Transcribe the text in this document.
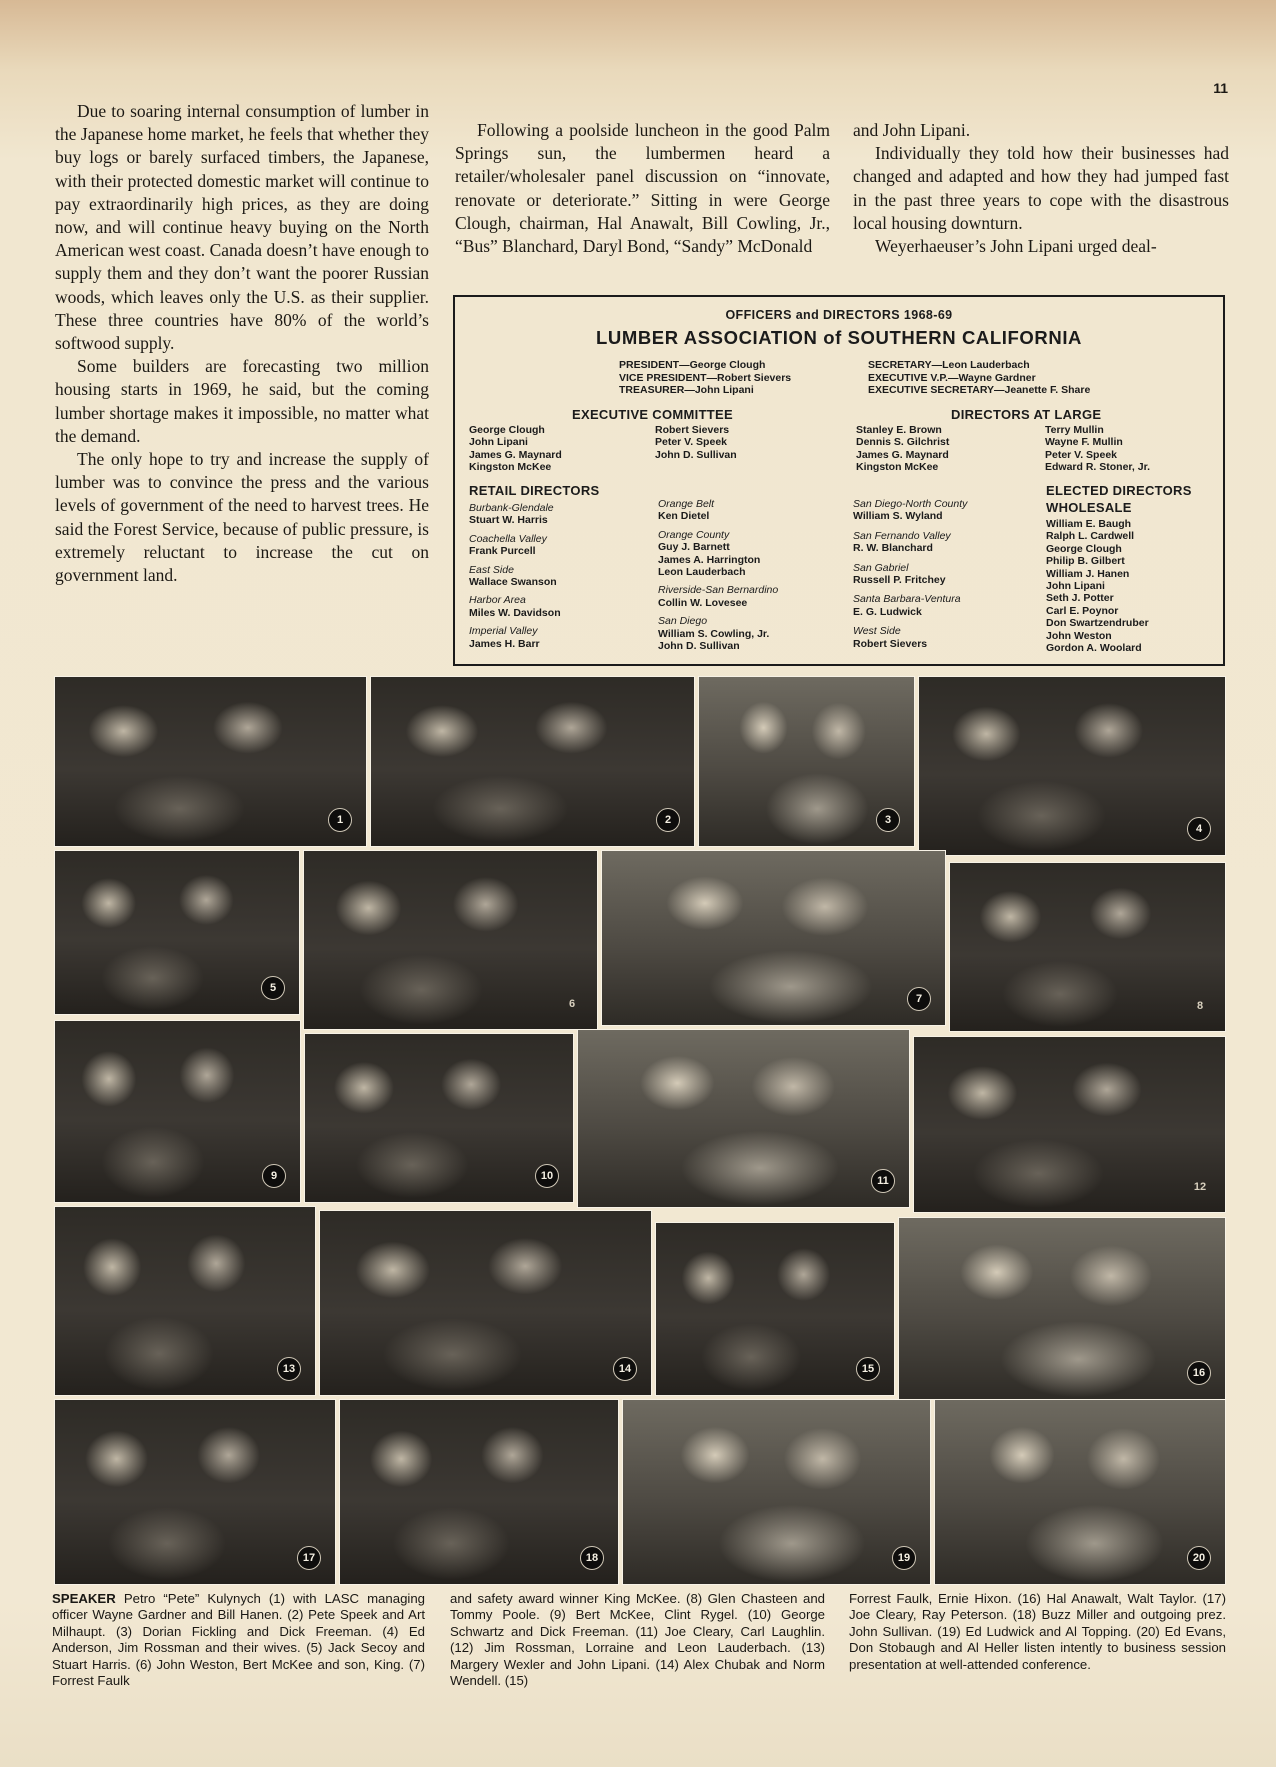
11

Due to soaring internal consumption of lumber in the Japanese home market, he feels that whether they buy logs or barely surfaced timbers, the Japanese, with their protected domestic market will continue to pay extraordinarily high prices, as they are doing now, and will continue heavy buying on the North American west coast. Canada doesn’t have enough to supply them and they don’t want the poorer Russian woods, which leaves only the U.S. as their supplier. These three countries have 80% of the world’s softwood supply.

Some builders are forecasting two million housing starts in 1969, he said, but the coming lumber shortage makes it impossible, no matter what the demand.

The only hope to try and increase the supply of lumber was to convince the press and the various levels of government of the need to harvest trees. He said the Forest Service, because of public pressure, is extremely reluctant to increase the cut on government land.

Following a poolside luncheon in the good Palm Springs sun, the lumbermen heard a retailer/wholesaler panel discussion on “innovate, renovate or deteriorate.” Sitting in were George Clough, chairman, Hal Anawalt, Bill Cowling, Jr., “Bus” Blanchard, Daryl Bond, “Sandy” McDonald

and John Lipani.

Individually they told how their businesses had changed and adapted and how they had jumped fast in the past three years to cope with the disastrous local housing downturn.

Weyerhaeuser’s John Lipani urged deal-

OFFICERS and DIRECTORS 1968-69
LUMBER ASSOCIATION of SOUTHERN CALIFORNIA
PRESIDENT—George Clough
VICE PRESIDENT—Robert Sievers
TREASURER—John Lipani
SECRETARY—Leon Lauderbach
EXECUTIVE V.P.—Wayne Gardner
EXECUTIVE SECRETARY—Jeanette F. Share
EXECUTIVE COMMITTEE
George Clough
John Lipani
James G. Maynard
Kingston McKee
Robert Sievers
Peter V. Speek
John D. Sullivan
DIRECTORS AT LARGE
Stanley E. Brown
Dennis S. Gilchrist
James G. Maynard
Kingston McKee
Terry Mullin
Wayne F. Mullin
Peter V. Speek
Edward R. Stoner, Jr.
RETAIL DIRECTORS
Burbank-Glendale
Stuart W. Harris
Coachella Valley
Frank Purcell
East Side
Wallace Swanson
Harbor Area
Miles W. Davidson
Imperial Valley
James H. Barr
Orange Belt
Ken Dietel
Orange County
Guy J. Barnett
James A. Harrington
Leon Lauderbach
Riverside-San Bernardino
Collin W. Lovesee
San Diego
William S. Cowling, Jr.
John D. Sullivan
San Diego-North County
William S. Wyland
San Fernando Valley
R. W. Blanchard
San Gabriel
Russell P. Fritchey
Santa Barbara-Ventura
E. G. Ludwick
West Side
Robert Sievers
ELECTED DIRECTORS
WHOLESALE
William E. Baugh
Ralph L. Cardwell
George Clough
Philip B. Gilbert
William J. Hanen
John Lipani
Seth J. Potter
Carl E. Poynor
Don Swartzendruber
John Weston
Gordon A. Woolard
1	2	3
4
5
6	7
8
9	10	11	12
13	14	15	16
17	18	19	20
SPEAKER Petro “Pete” Kulynych (1) with LASC managing officer Wayne Gardner and Bill Hanen. (2) Pete Speek and Art Milhaupt. (3) Dorian Fickling and Dick Freeman. (4) Ed Anderson, Jim Rossman and their wives. (5) Jack Secoy and Stuart Harris. (6) John Weston, Bert McKee and son, King. (7) Forrest Faulk
and safety award winner King McKee. (8) Glen Chasteen and Tommy Poole. (9) Bert McKee, Clint Rygel. (10) George Schwartz and Dick Freeman. (11) Joe Cleary, Carl Laughlin. (12) Jim Rossman, Lorraine and Leon Lauderbach. (13) Margery Wexler and John Lipani. (14) Alex Chubak and Norm Wendell. (15)
Forrest Faulk, Ernie Hixon. (16) Hal Anawalt, Walt Taylor. (17) Joe Cleary, Ray Peterson. (18) Buzz Miller and outgoing prez. John Sullivan. (19) Ed Ludwick and Al Topping. (20) Ed Evans, Don Stobaugh and Al Heller listen intently to business session presentation at well-attended conference.
